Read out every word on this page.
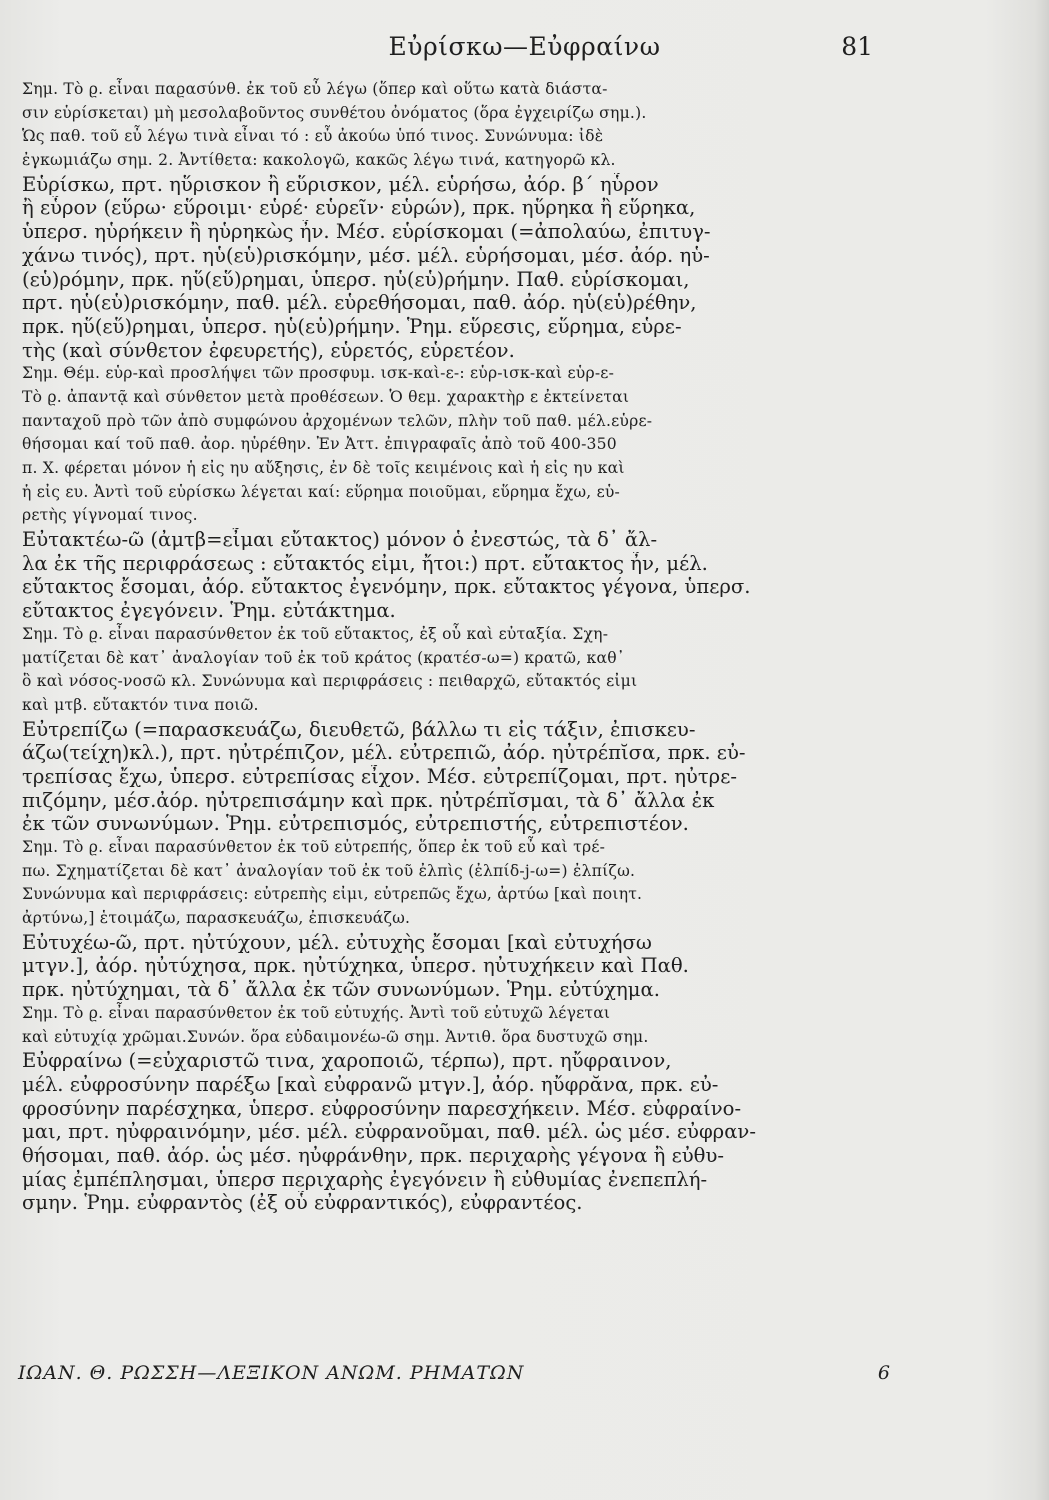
Εὐρίσκω—Εὐφραίνω	81
Σημ. Τὸ ϱ. εἶναι παϱασύνθ. ἐκ τοῦ εὖ λέγω (ὅπερ καὶ οὕτω κατὰ διάστα-
σιν εὑρίσκεται) μὴ μεσολαβοῦντος συνθέτου ὀνόματος (ὅρα ἐγχειρίζω σημ.).
Ὡς παθ. τοῦ εὖ λέγω τινὰ εἶναι τό : εὖ ἀκούω ὑπό τινος. Συνώνυμα: ἰδὲ
ἐγκωμιάζω σημ. 2. Ἀντίθετα: κακολογῶ, κακῶς λέγω τινά, κατηγορῶ κλ.
Εὑρίσκω, πρτ. ηὕρισκον ἢ εὕρισκον, μέλ. εὑρήσω, ἀόρ. β΄ ηὗρον
ἢ εὗρον (εὕρω· εὕροιμι· εὑρέ· εὑρεῖν· εὑρών), πρκ. ηὕρηκα ἢ εὕρηκα,
ὑπερσ. ηὑρήκειν ἢ ηὑρηκὼς ἦν. Μέσ. εὑρίσκομαι (=ἀπολαύω, ἐπιτυγ-
χάνω τινός), πρτ. ηὑ(εὑ)ρισκόμην, μέσ. μέλ. εὑρήσομαι, μέσ. ἀόρ. ηὑ-
(εὑ)ρόμην, πρκ. ηὕ(εὕ)ρημαι, ὑπερσ. ηὑ(εὑ)ρήμην. Παθ. εὑρίσκομαι,
πρτ. ηὑ(εὑ)ρισκόμην, παθ. μέλ. εὑρεθήσομαι, παθ. ἀόρ. ηὑ(εὑ)ρέθην,
πρκ. ηὕ(εὕ)ρημαι, ὑπερσ. ηὑ(εὑ)ρήμην. Ῥημ. εὕρεσις, εὕρημα, εὑρε-
τὴς (καὶ σύνθετον ἐφευρετής), εὑρετός, εὑρετέον.
Σημ. Θέμ. εὑρ-καὶ προσλήψει τῶν προσφυμ. ισκ-καὶ-ε-: εὑρ-ισκ-καὶ εὑρ-ε-
Τὸ ϱ. ἀπαντᾷ καὶ σύνθετον μετὰ προθέσεων. Ὁ θεμ. χαρακτὴρ ε ἐκτείνεται
πανταχοῦ πρὸ τῶν ἀπὸ συμφώνου ἀρχομένων τελῶν, πλὴν τοῦ παθ. μέλ.εὑρε-
θήσομαι καί τοῦ παθ. ἀορ. ηὑρέθην. Ἐν Ἀττ. ἐπιγραφαῖς ἀπὸ τοῦ 400-350
π. Χ. φέρεται μόνον ἡ εἰς ηυ αὔξησις, ἐν δὲ τοῖς κειμένοις καὶ ἡ εἰς ηυ καὶ
ἡ εἰς ευ. Ἀντὶ τοῦ εὑρίσκω λέγεται καί: εὕρημα ποιοῦμαι, εὕρημα ἔχω, εὑ-
ρετὴς γίγνομαί τινος.
Εὐτακτέω-ῶ (ἀμτβ=εἶμαι εὔτακτος) μόνον ὁ ἐνεστώς, τὰ δ᾿ ἄλ-
λα ἐκ τῆς περιφράσεως : εὔτακτός εἰμι, ἤτοι:) πρτ. εὔτακτος ἦν, μέλ.
εὔτακτος ἔσομαι, ἀόρ. εὔτακτος ἐγενόμην, πρκ. εὔτακτος γέγονα, ὑπερσ.
εὔτακτος ἐγεγόνειν. Ῥημ. εὐτάκτημα.
Σημ. Τὸ ϱ. εἶναι παρασύνθετον ἐκ τοῦ εὔτακτος, ἐξ οὗ καὶ εὐταξία. Σχη-
ματίζεται δὲ κατ᾿ ἀναλογίαν τοῦ ἐκ τοῦ κράτος (κρατέσ-ω=) κρατῶ, καθ᾿
ὃ καὶ νόσος-νοσῶ κλ. Συνώνυμα καὶ περιφράσεις : πειθαρχῶ, εὔτακτός εἰμι
καὶ μτβ. εὔτακτόν τινα ποιῶ.
Εὐτρεπίζω (=παρασκευάζω, διευθετῶ, βάλλω τι εἰς τάξιν, ἐπισκευ-
άζω(τείχη)κλ.), πρτ. ηὐτρέπιζον, μέλ. εὐτρεπιῶ, ἀόρ. ηὐτρέπῐσα, πρκ. εὐ-
τρεπίσας ἔχω, ὑπερσ. εὐτρεπίσας εἶχον. Μέσ. εὐτρεπίζομαι, πρτ. ηὐτρε-
πιζόμην, μέσ.ἀόρ. ηὐτρεπισάμην καὶ πρκ. ηὐτρέπῐσμαι, τὰ δ᾿ ἄλλα ἐκ
ἐκ τῶν συνωνύμων. Ῥημ. εὐτρεπισμός, εὐτρεπιστής, εὐτρεπιστέον.
Σημ. Τὸ ϱ. εἶναι παρασύνθετον ἐκ τοῦ εὐτρεπής, ὅπερ ἐκ τοῦ εὖ καὶ τρέ-
πω. Σχηματίζεται δὲ κατ᾿ ἀναλογίαν τοῦ ἐκ τοῦ ἐλπὶς (ἐλπίδ-j-ω=) ἐλπίζω.
Συνώνυμα καὶ περιφράσεις: εὐτρεπὴς εἰμι, εὐτρεπῶς ἔχω, ἀρτύω [καὶ ποιητ.
ἀρτύνω,] ἑτοιμάζω, παρασκευάζω, ἐπισκευάζω.
Εὐτυχέω-ῶ, πρτ. ηὐτύχουν, μέλ. εὐτυχὴς ἔσομαι [καὶ εὐτυχήσω
μτγν.], ἀόρ. ηὐτύχησα, πρκ. ηὐτύχηκα, ὑπερσ. ηὐτυχήκειν καὶ Παθ.
πρκ. ηὐτύχημαι, τὰ δ᾿ ἄλλα ἐκ τῶν συνωνύμων. Ῥημ. εὐτύχημα.
Σημ. Τὸ ϱ. εἶναι παρασύνθετον ἐκ τοῦ εὐτυχής. Ἀντὶ τοῦ εὐτυχῶ λέγεται
καὶ εὐτυχίᾳ χρῶμαι.Συνών. ὅρα εὐδαιμονέω-ῶ σημ. Ἀντιθ. ὅρα δυστυχῶ σημ.
Εὐφραίνω (=εὐχαριστῶ τινα, χαροποιῶ, τέρπω), πρτ. ηὔφραινον,
μέλ. εὐφροσύνην παρέξω [καὶ εὐφρανῶ μτγν.], ἀόρ. ηὔφρᾰνα, πρκ. εὐ-
φροσύνην παρέσχηκα, ὑπερσ. εὐφροσύνην παρεσχήκειν. Μέσ. εὐφραίνο-
μαι, πρτ. ηὐφραινόμην, μέσ. μέλ. εὐφρανοῦμαι, παθ. μέλ. ὡς μέσ. εὐφραν-
θήσομαι, παθ. ἀόρ. ὡς μέσ. ηὐφράνθην, πρκ. περιχαρὴς γέγονα ἢ εὐθυ-
μίας ἐμπέπλησμαι, ὑπερσ περιχαρὴς ἐγεγόνειν ἢ εὐθυμίας ἐνεπεπλή-
σμην. Ῥημ. εὐφραντὸς (ἐξ οὗ εὐφραντικός), εὐφραντέος.
ΙΩΑΝ. Θ. ΡΩΣΣΗ—ΛΕΞΙΚΟΝ ΑΝΩΜ. ΡΗΜΑΤΩΝ	6
